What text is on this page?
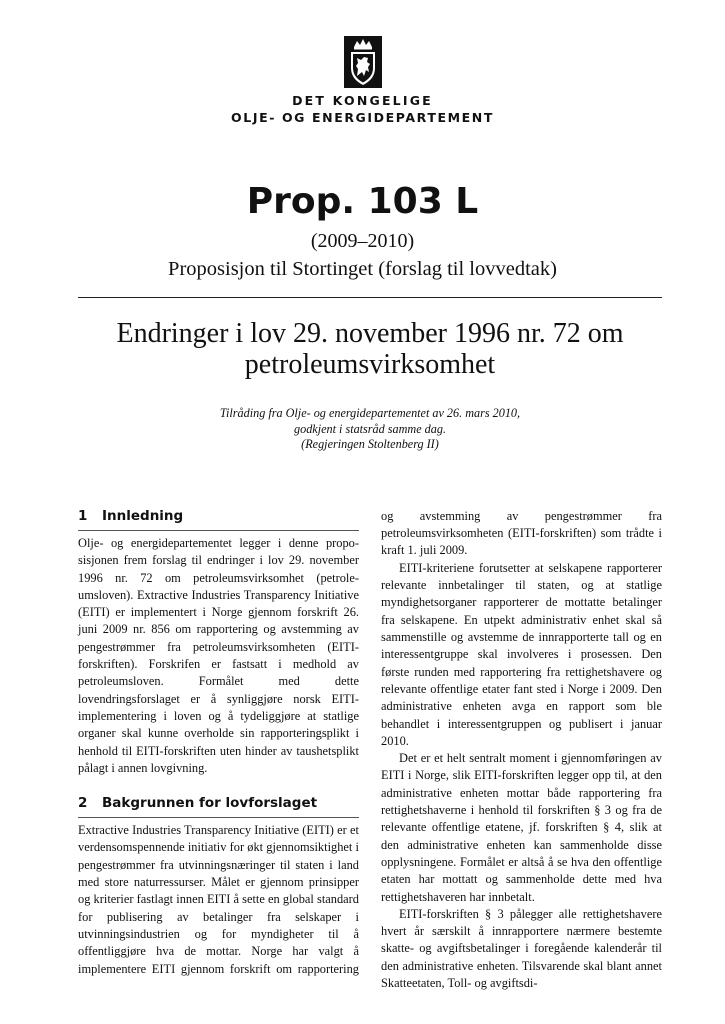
DET KONGELIGE
OLJE- OG ENERGIDEPARTEMENT
Prop. 103 L
(2009–2010)
Proposisjon til Stortinget (forslag til lovvedtak)
Endringer i lov 29. november 1996 nr. 72 om
petroleumsvirksomhet
Tilråding fra Olje- og energidepartementet av 26. mars 2010,
godkjent i statsråd samme dag.
(Regjeringen Stoltenberg II)
1 Innledning

Olje- og energidepartementet legger i denne proposisjonen frem forslag til endringer i lov 29. november 1996 nr. 72 om petroleumsvirksomhet (petroleumsloven). Extractive Industries Transparency Initiative (EITI) er implementert i Norge gjennom forskrift 26. juni 2009 nr. 856 om rapportering og avstemming av pengestrømmer fra petroleumsvirksomheten (EITI-forskriften). Forskrifen er fastsatt i medhold av petroleumsloven. Formålet med dette lovendringsforslaget er å synliggjøre norsk EITI-implementering i loven og å tydeliggjøre at statlige organer skal kunne overholde sin rapporteringsplikt i henhold til EITI-forskriften uten hinder av taushetsplikt pålagt i annen lovgivning.

2 Bakgrunnen for lovforslaget

Extractive Industries Transparency Initiative (EITI) er et verdensomspennende initiativ for økt gjennomsiktighet i pengestrømmer fra utvinningsnæringer til staten i land med store naturressurser. Målet er gjennom prinsipper og kriterier fastlagt innen EITI å sette en global standard for publisering av betalinger fra selskaper i utvinningsindustrien og for myndigheter til å offentliggjøre hva de mottar. Norge har valgt å implementere EITI gjennom forskrift om rapportering

og avstemming av pengestrømmer fra petroleumsvirksomheten (EITI-forskriften) som trådte i kraft 1. juli 2009.

EITI-kriteriene forutsetter at selskapene rapporterer relevante innbetalinger til staten, og at statlige myndighetsorganer rapporterer de mottatte betalinger fra selskapene. En utpekt administrativ enhet skal så sammenstille og avstemme de innrapporterte tall og en interessentgruppe skal involveres i prosessen. Den første runden med rapportering fra rettighetshavere og relevante offentlige etater fant sted i Norge i 2009. Den administrative enheten avga en rapport som ble behandlet i interessentgruppen og publisert i januar 2010.

Det er et helt sentralt moment i gjennomføringen av EITI i Norge, slik EITI-forskriften legger opp til, at den administrative enheten mottar både rapportering fra rettighetshaverne i henhold til forskriften § 3 og fra de relevante offentlige etatene, jf. forskriften § 4, slik at den administrative enheten kan sammenholde disse opplysningene. Formålet er altså å se hva den offentlige etaten har mottatt og sammenholde dette med hva rettighetshaveren har innbetalt.

EITI-forskriften § 3 pålegger alle rettighetshavere hvert år særskilt å innrapportere nærmere bestemte skatte- og avgiftsbetalinger i foregående kalenderår til den administrative enheten. Tilsvarende skal blant annet Skatteetaten, Toll- og avgiftsdi-
